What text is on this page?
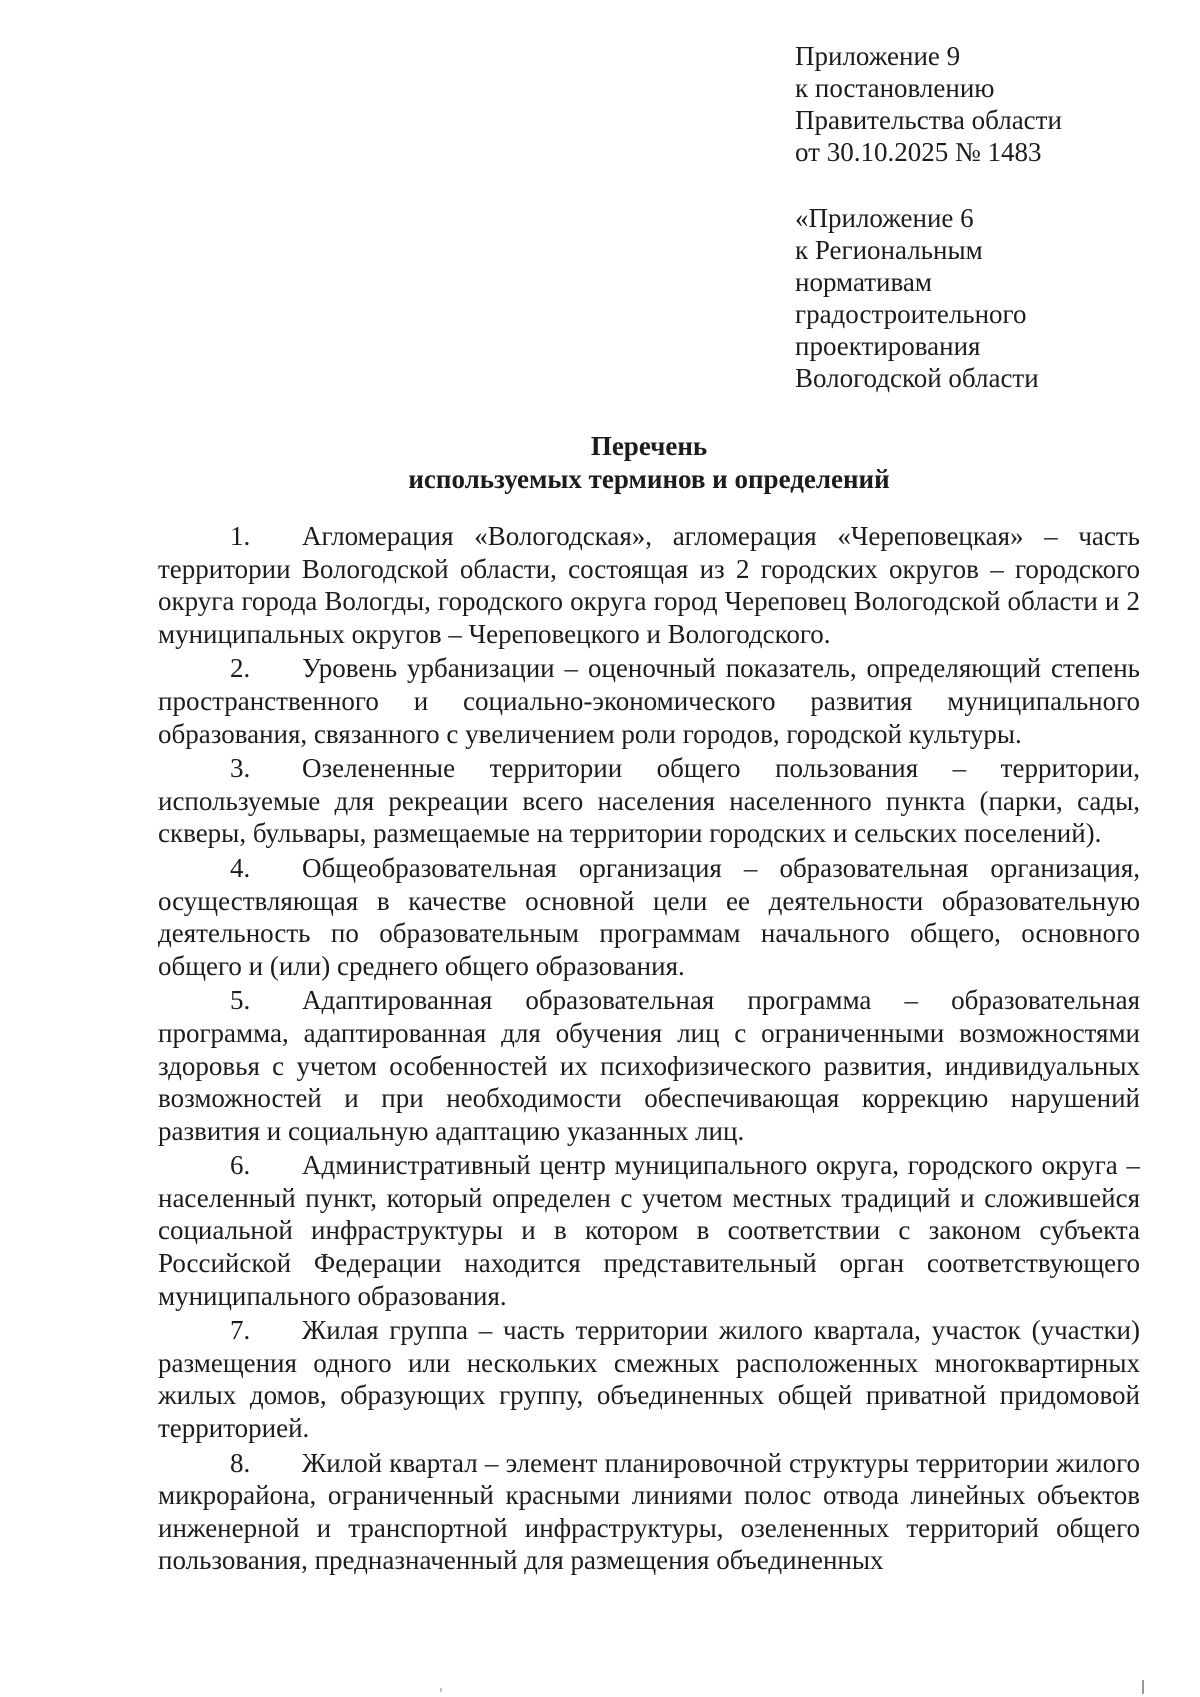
Приложение 9
к постановлению
Правительства области
от 30.10.2025 № 1483
«Приложение 6
к Региональным
нормативам
градостроительного
проектирования
Вологодской области
Перечень
используемых терминов и определений

1. Агломерация «Вологодская», агломерация «Череповецкая» – часть территории Вологодской области, состоящая из 2 городских округов – городского округа города Вологды, городского округа город Череповец Вологодской области и 2 муниципальных округов – Череповецкого и Вологодского.

2. Уровень урбанизации – оценочный показатель, определяющий степень пространственного и социально-экономического развития муниципального образования, связанного с увеличением роли городов, городской культуры.

3. Озелененные территории общего пользования – территории, используемые для рекреации всего населения населенного пункта (парки, сады, скверы, бульвары, размещаемые на территории городских и сельских поселений).

4. Общеобразовательная организация – образовательная организация, осуществляющая в качестве основной цели ее деятельности образовательную деятельность по образовательным программам начального общего, основного общего и (или) среднего общего образования.

5. Адаптированная образовательная программа – образовательная программа, адаптированная для обучения лиц с ограниченными возможностями здоровья с учетом особенностей их психофизического развития, индивидуальных возможностей и при необходимости обеспечивающая коррекцию нарушений развития и социальную адаптацию указанных лиц.

6. Административный центр муниципального округа, городского округа – населенный пункт, который определен с учетом местных традиций и сложившейся социальной инфраструктуры и в котором в соответствии с законом субъекта Российской Федерации находится представительный орган соответствующего муниципального образования.

7. Жилая группа – часть территории жилого квартала, участок (участки) размещения одного или нескольких смежных расположенных многоквартирных жилых домов, образующих группу, объединенных общей приватной придомовой территорией.

8. Жилой квартал – элемент планировочной структуры территории жилого микрорайона, ограниченный красными линиями полос отвода линейных объектов инженерной и транспортной инфраструктуры, озелененных территорий общего пользования, предназначенный для размещения объединенных
